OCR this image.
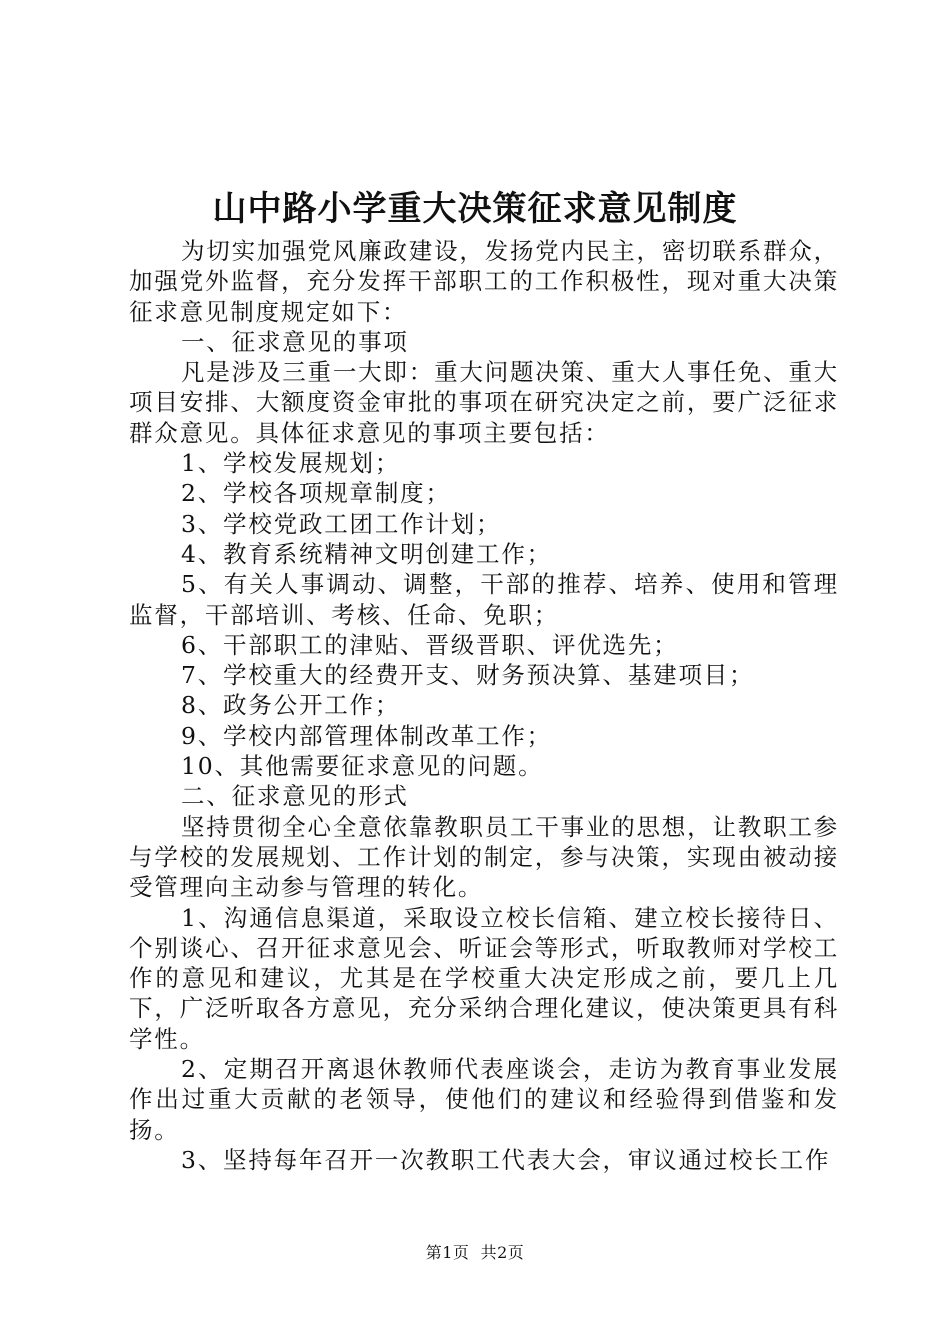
山中路小学重大决策征求意见制度

为切实加强党风廉政建设，发扬党内民主，密切联系群众，加强党外监督，充分发挥干部职工的工作积极性，现对重大决策征求意见制度规定如下：

一、征求意见的事项

凡是涉及三重一大即：重大问题决策、重大人事任免、重大项目安排、大额度资金审批的事项在研究决定之前，要广泛征求群众意见。具体征求意见的事项主要包括：

1、学校发展规划；

2、学校各项规章制度；

3、学校党政工团工作计划；

4、教育系统精神文明创建工作；

5、有关人事调动、调整，干部的推荐、培养、使用和管理监督，干部培训、考核、任命、免职；

6、干部职工的津贴、晋级晋职、评优选先；

7、学校重大的经费开支、财务预决算、基建项目；

8、政务公开工作；

9、学校内部管理体制改革工作；

10、其他需要征求意见的问题。

二、征求意见的形式

坚持贯彻全心全意依靠教职员工干事业的思想，让教职工参与学校的发展规划、工作计划的制定，参与决策，实现由被动接受管理向主动参与管理的转化。

1、沟通信息渠道，采取设立校长信箱、建立校长接待日、个别谈心、召开征求意见会、听证会等形式，听取教师对学校工作的意见和建议，尤其是在学校重大决定形成之前，要几上几下，广泛听取各方意见，充分采纳合理化建议，使决策更具有科学性。

2、定期召开离退休教师代表座谈会，走访为教育事业发展作出过重大贡献的老领导，使他们的建议和经验得到借鉴和发扬。

3、坚持每年召开一次教职工代表大会，审议通过校长工作

第1页 共2页
